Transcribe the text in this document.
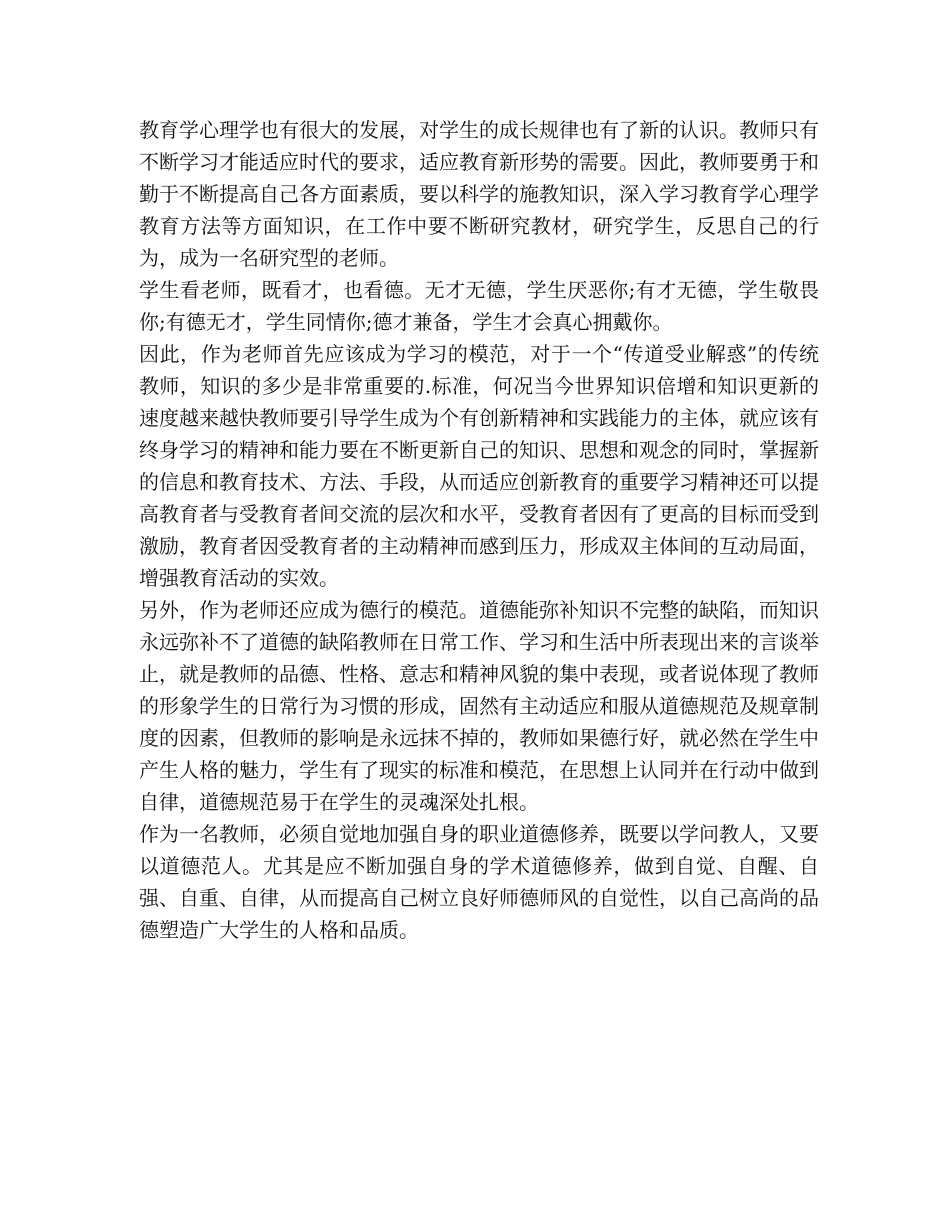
教育学心理学也有很大的发展，对学生的成长规律也有了新的认识。教师只有不断学习才能适应时代的要求，适应教育新形势的需要。因此，教师要勇于和勤于不断提高自己各方面素质，要以科学的施教知识，深入学习教育学心理学教育方法等方面知识，在工作中要不断研究教材，研究学生，反思自己的行为，成为一名研究型的老师。

学生看老师，既看才，也看德。无才无德，学生厌恶你;有才无德，学生敬畏你;有德无才，学生同情你;德才兼备，学生才会真心拥戴你。

因此，作为老师首先应该成为学习的模范，对于一个“传道受业解惑”的传统教师，知识的多少是非常重要的.标准，何况当今世界知识倍增和知识更新的速度越来越快教师要引导学生成为个有创新精神和实践能力的主体，就应该有终身学习的精神和能力要在不断更新自己的知识、思想和观念的同时，掌握新的信息和教育技术、方法、手段，从而适应创新教育的重要学习精神还可以提高教育者与受教育者间交流的层次和水平，受教育者因有了更高的目标而受到激励，教育者因受教育者的主动精神而感到压力，形成双主体间的互动局面，增强教育活动的实效。

另外，作为老师还应成为德行的模范。道德能弥补知识不完整的缺陷，而知识永远弥补不了道德的缺陷教师在日常工作、学习和生活中所表现出来的言谈举止，就是教师的品德、性格、意志和精神风貌的集中表现，或者说体现了教师的形象学生的日常行为习惯的形成，固然有主动适应和服从道德规范及规章制度的因素，但教师的影响是永远抹不掉的，教师如果德行好，就必然在学生中产生人格的魅力，学生有了现实的标准和模范，在思想上认同并在行动中做到自律，道德规范易于在学生的灵魂深处扎根。

作为一名教师，必须自觉地加强自身的职业道德修养，既要以学问教人，又要以道德范人。尤其是应不断加强自身的学术道德修养，做到自觉、自醒、自强、自重、自律，从而提高自己树立良好师德师风的自觉性，以自己高尚的品德塑造广大学生的人格和品质。
